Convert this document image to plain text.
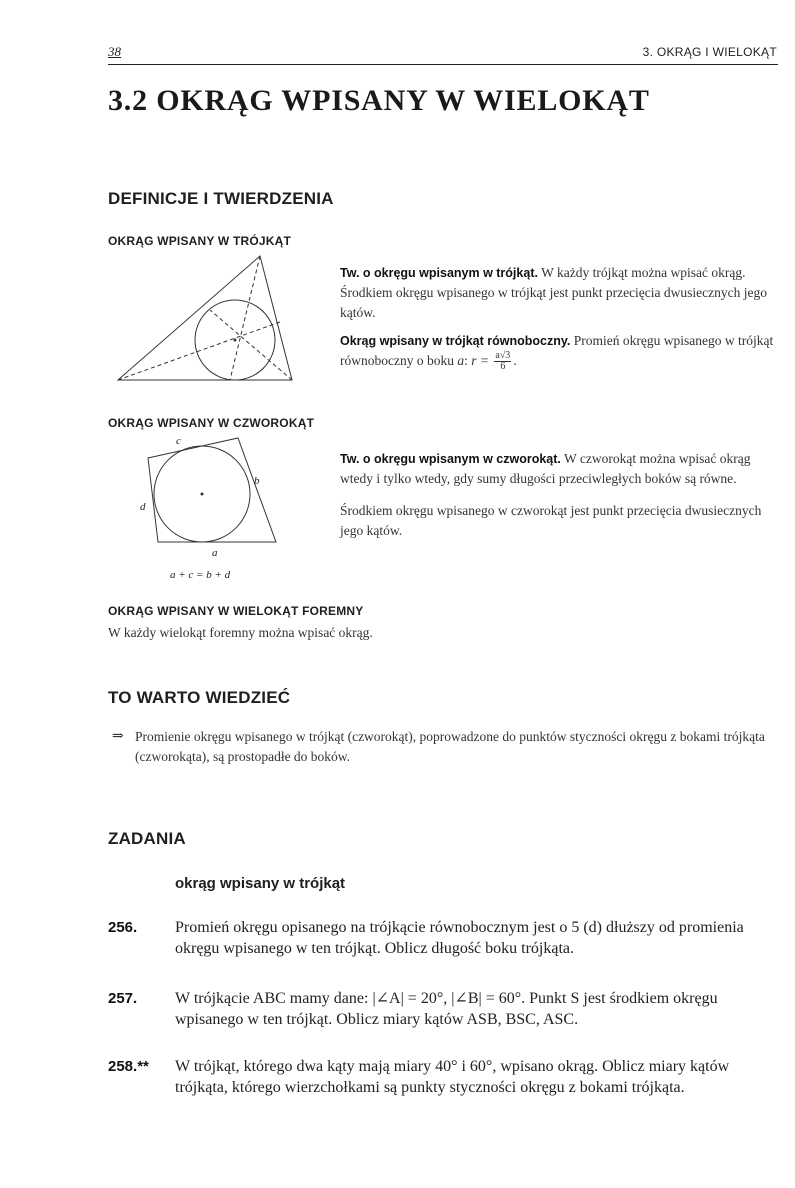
38	3. OKRĄG I WIELOKĄT
3.2 OKRĄG WPISANY W WIELOKĄT
DEFINICJE I TWIERDZENIA
OKRĄG WPISANY W TRÓJKĄT

Tw. o okręgu wpisanym w trójkąt. W każdy trójkąt można wpisać okrąg. Środkiem okręgu wpisanego w trójkąt jest punkt przecięcia dwusiecznych jego kątów.

Okrąg wpisany w trójkąt równoboczny. Promień okręgu wpisanego w trójkąt równoboczny o boku a: $r = \frac{a√3}{6}$ .

OKRĄG WPISANY W CZWOROKĄT
c
b
d
a
a + c = b + d

Tw. o okręgu wpisanym w czworokąt. W czworokąt można wpisać okrąg wtedy i tylko wtedy, gdy sumy długości przeciwległych boków są równe.

Środkiem okręgu wpisanego w czworokąt jest punkt przecięcia dwusiecznych jego kątów.

OKRĄG WPISANY W WIELOKĄT FOREMNY
W każdy wielokąt foremny można wpisać okrąg.
TO WARTO WIEDZIEĆ
⇒ Promienie okręgu wpisanego w trójkąt (czworokąt), poprowadzone do punktów styczności okręgu z bokami trójkąta (czworokąta), są prostopadłe do boków.
ZADANIA
okrąg wpisany w trójkąt
256. Promień okręgu opisanego na trójkącie równobocznym jest o 5 (d) dłuższy od promienia okręgu wpisanego w ten trójkąt. Oblicz długość boku trójkąta.
257. W trójkącie ABC mamy dane: |∠A| = 20°, |∠B| = 60°. Punkt S jest środkiem okręgu wpisanego w ten trójkąt. Oblicz miary kątów ASB, BSC, ASC.
258.** W trójkąt, którego dwa kąty mają miary 40° i 60°, wpisano okrąg. Oblicz miary kątów trójkąta, którego wierzchołkami są punkty styczności okręgu z bokami trójkąta.
